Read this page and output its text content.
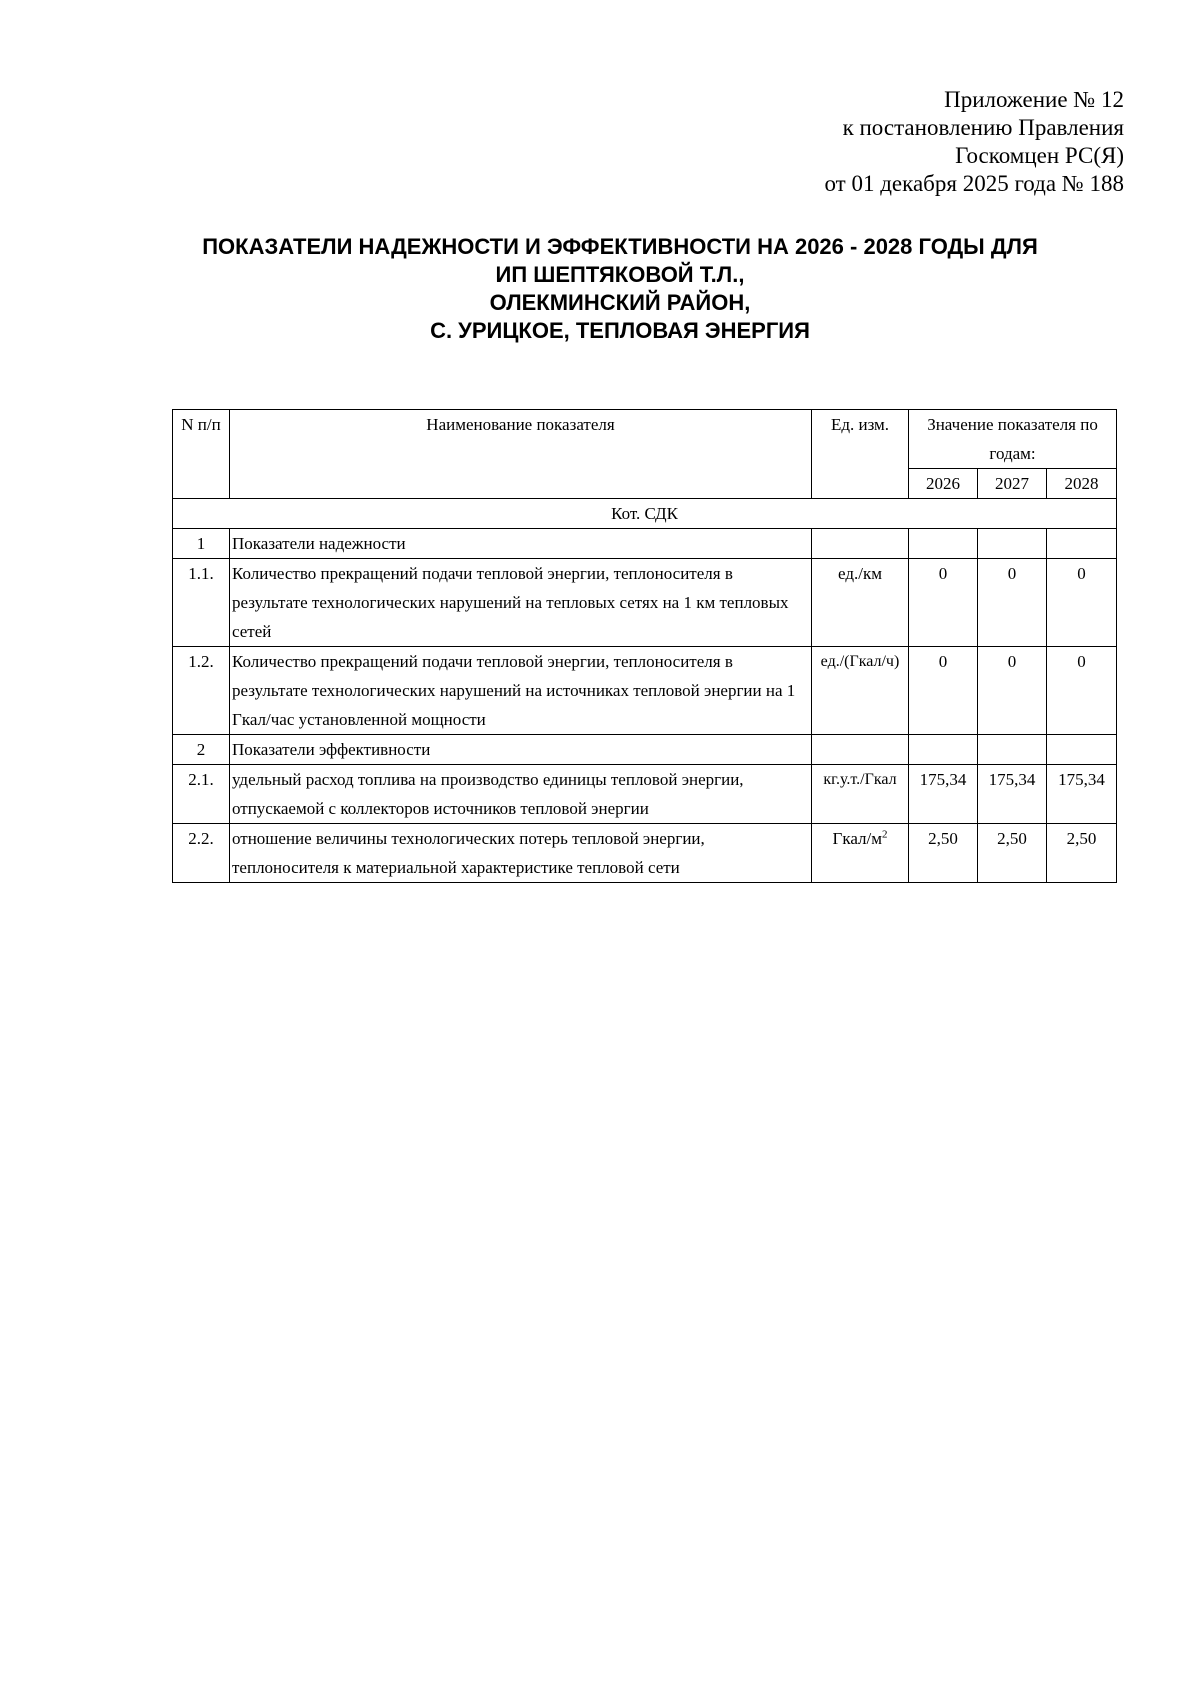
Приложение № 12
к постановлению Правления
Госкомцен РС(Я)
от 01 декабря 2025 года № 188
ПОКАЗАТЕЛИ НАДЕЖНОСТИ И ЭФФЕКТИВНОСТИ НА 2026 - 2028 ГОДЫ ДЛЯ
ИП ШЕПТЯКОВОЙ Т.Л.,
ОЛЕКМИНСКИЙ РАЙОН,
С. УРИЦКОЕ, ТЕПЛОВАЯ ЭНЕРГИЯ
N п/п	Наименование показателя	Ед. изм.	Значение показателя по годам:		
			2026	2027	2028
Кот. СДК					
1	Показатели надежности				
1.1.	Количество прекращений подачи тепловой энергии, теплоносителя в результате технологических нарушений на тепловых сетях на 1 км тепловых сетей	ед./км	0	0	0
1.2.	Количество прекращений подачи тепловой энергии, теплоносителя в результате технологических нарушений на источниках тепловой энергии на 1 Гкал/час установленной мощности	ед./(Гкал/ч)	0	0	0
2	Показатели эффективности				
2.1.	удельный расход топлива на производство единицы тепловой энергии, отпускаемой с коллекторов источников тепловой энергии	кг.у.т./Гкал	175,34	175,34	175,34
2.2.	отношение величины технологических потерь тепловой энергии, теплоносителя к материальной характеристике тепловой сети	Гкал/$м^2$	2,50	2,50	2,50
